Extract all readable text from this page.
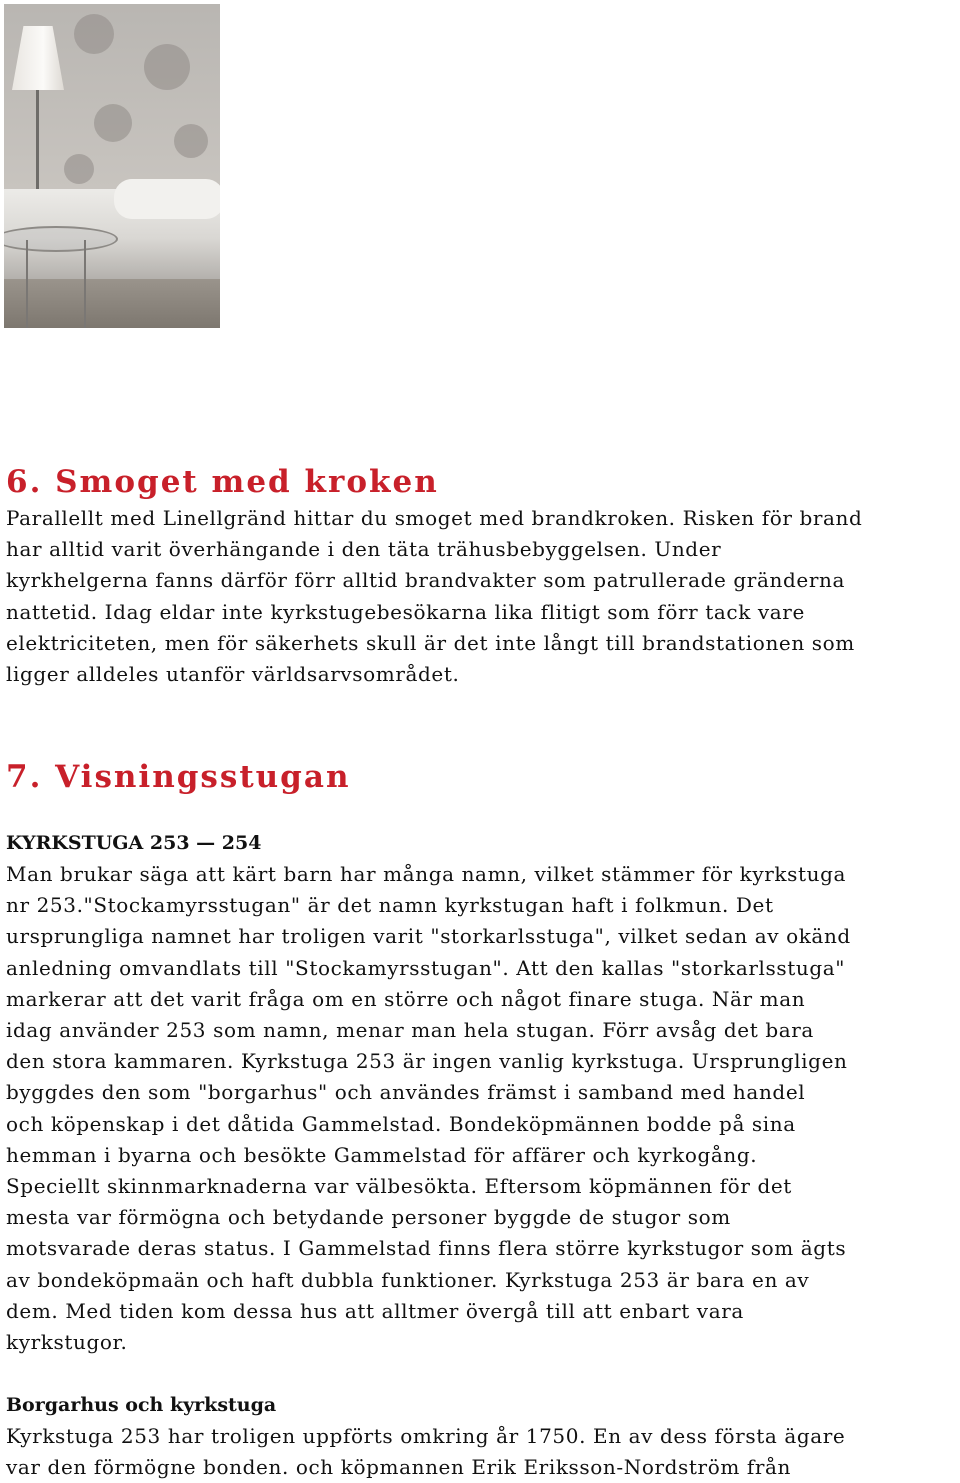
6. Smoget med kroken
Parallellt med Linellgränd hittar du smoget med brandkroken. Risken för brand
har alltid varit överhängande i den täta trähusbebyggelsen. Under
kyrkhelgerna fanns därför förr alltid brandvakter som patrullerade gränderna
nattetid. Idag eldar inte kyrkstugebesökarna lika flitigt som förr tack vare
elektriciteten, men för säkerhets skull är det inte långt till brandstationen som
ligger alldeles utanför världsarvsområdet.
7. Visningsstugan
KYRKSTUGA 253 — 254
Man brukar säga att kärt barn har många namn, vilket stämmer för kyrkstuga
nr 253."Stockamyrsstugan" är det namn kyrkstugan haft i folkmun. Det
ursprungliga namnet har troligen varit "storkarlsstuga", vilket sedan av okänd
anledning omvandlats till "Stockamyrsstugan". Att den kallas "storkarlsstuga"
markerar att det varit fråga om en större och något finare stuga. När man
idag använder 253 som namn, menar man hela stugan. Förr avsåg det bara
den stora kammaren. Kyrkstuga 253 är ingen vanlig kyrkstuga. Ursprungligen
byggdes den som "borgarhus" och användes främst i samband med handel
och köpenskap i det dåtida Gammelstad. Bondeköpmännen bodde på sina
hemman i byarna och besökte Gammelstad för affärer och kyrkogång.
Speciellt skinnmarknaderna var välbesökta. Eftersom köpmännen för det
mesta var förmögna och betydande personer byggde de stugor som
motsvarade deras status. I Gammelstad finns flera större kyrkstugor som ägts
av bondeköpmaän och haft dubbla funktioner. Kyrkstuga 253 är bara en av
dem. Med tiden kom dessa hus att alltmer övergå till att enbart vara
kyrkstugor.
Borgarhus och kyrkstuga
Kyrkstuga 253 har troligen uppförts omkring år 1750. En av dess första ägare
var den förmögne bonden. och köpmannen Erik Eriksson-Nordström från
